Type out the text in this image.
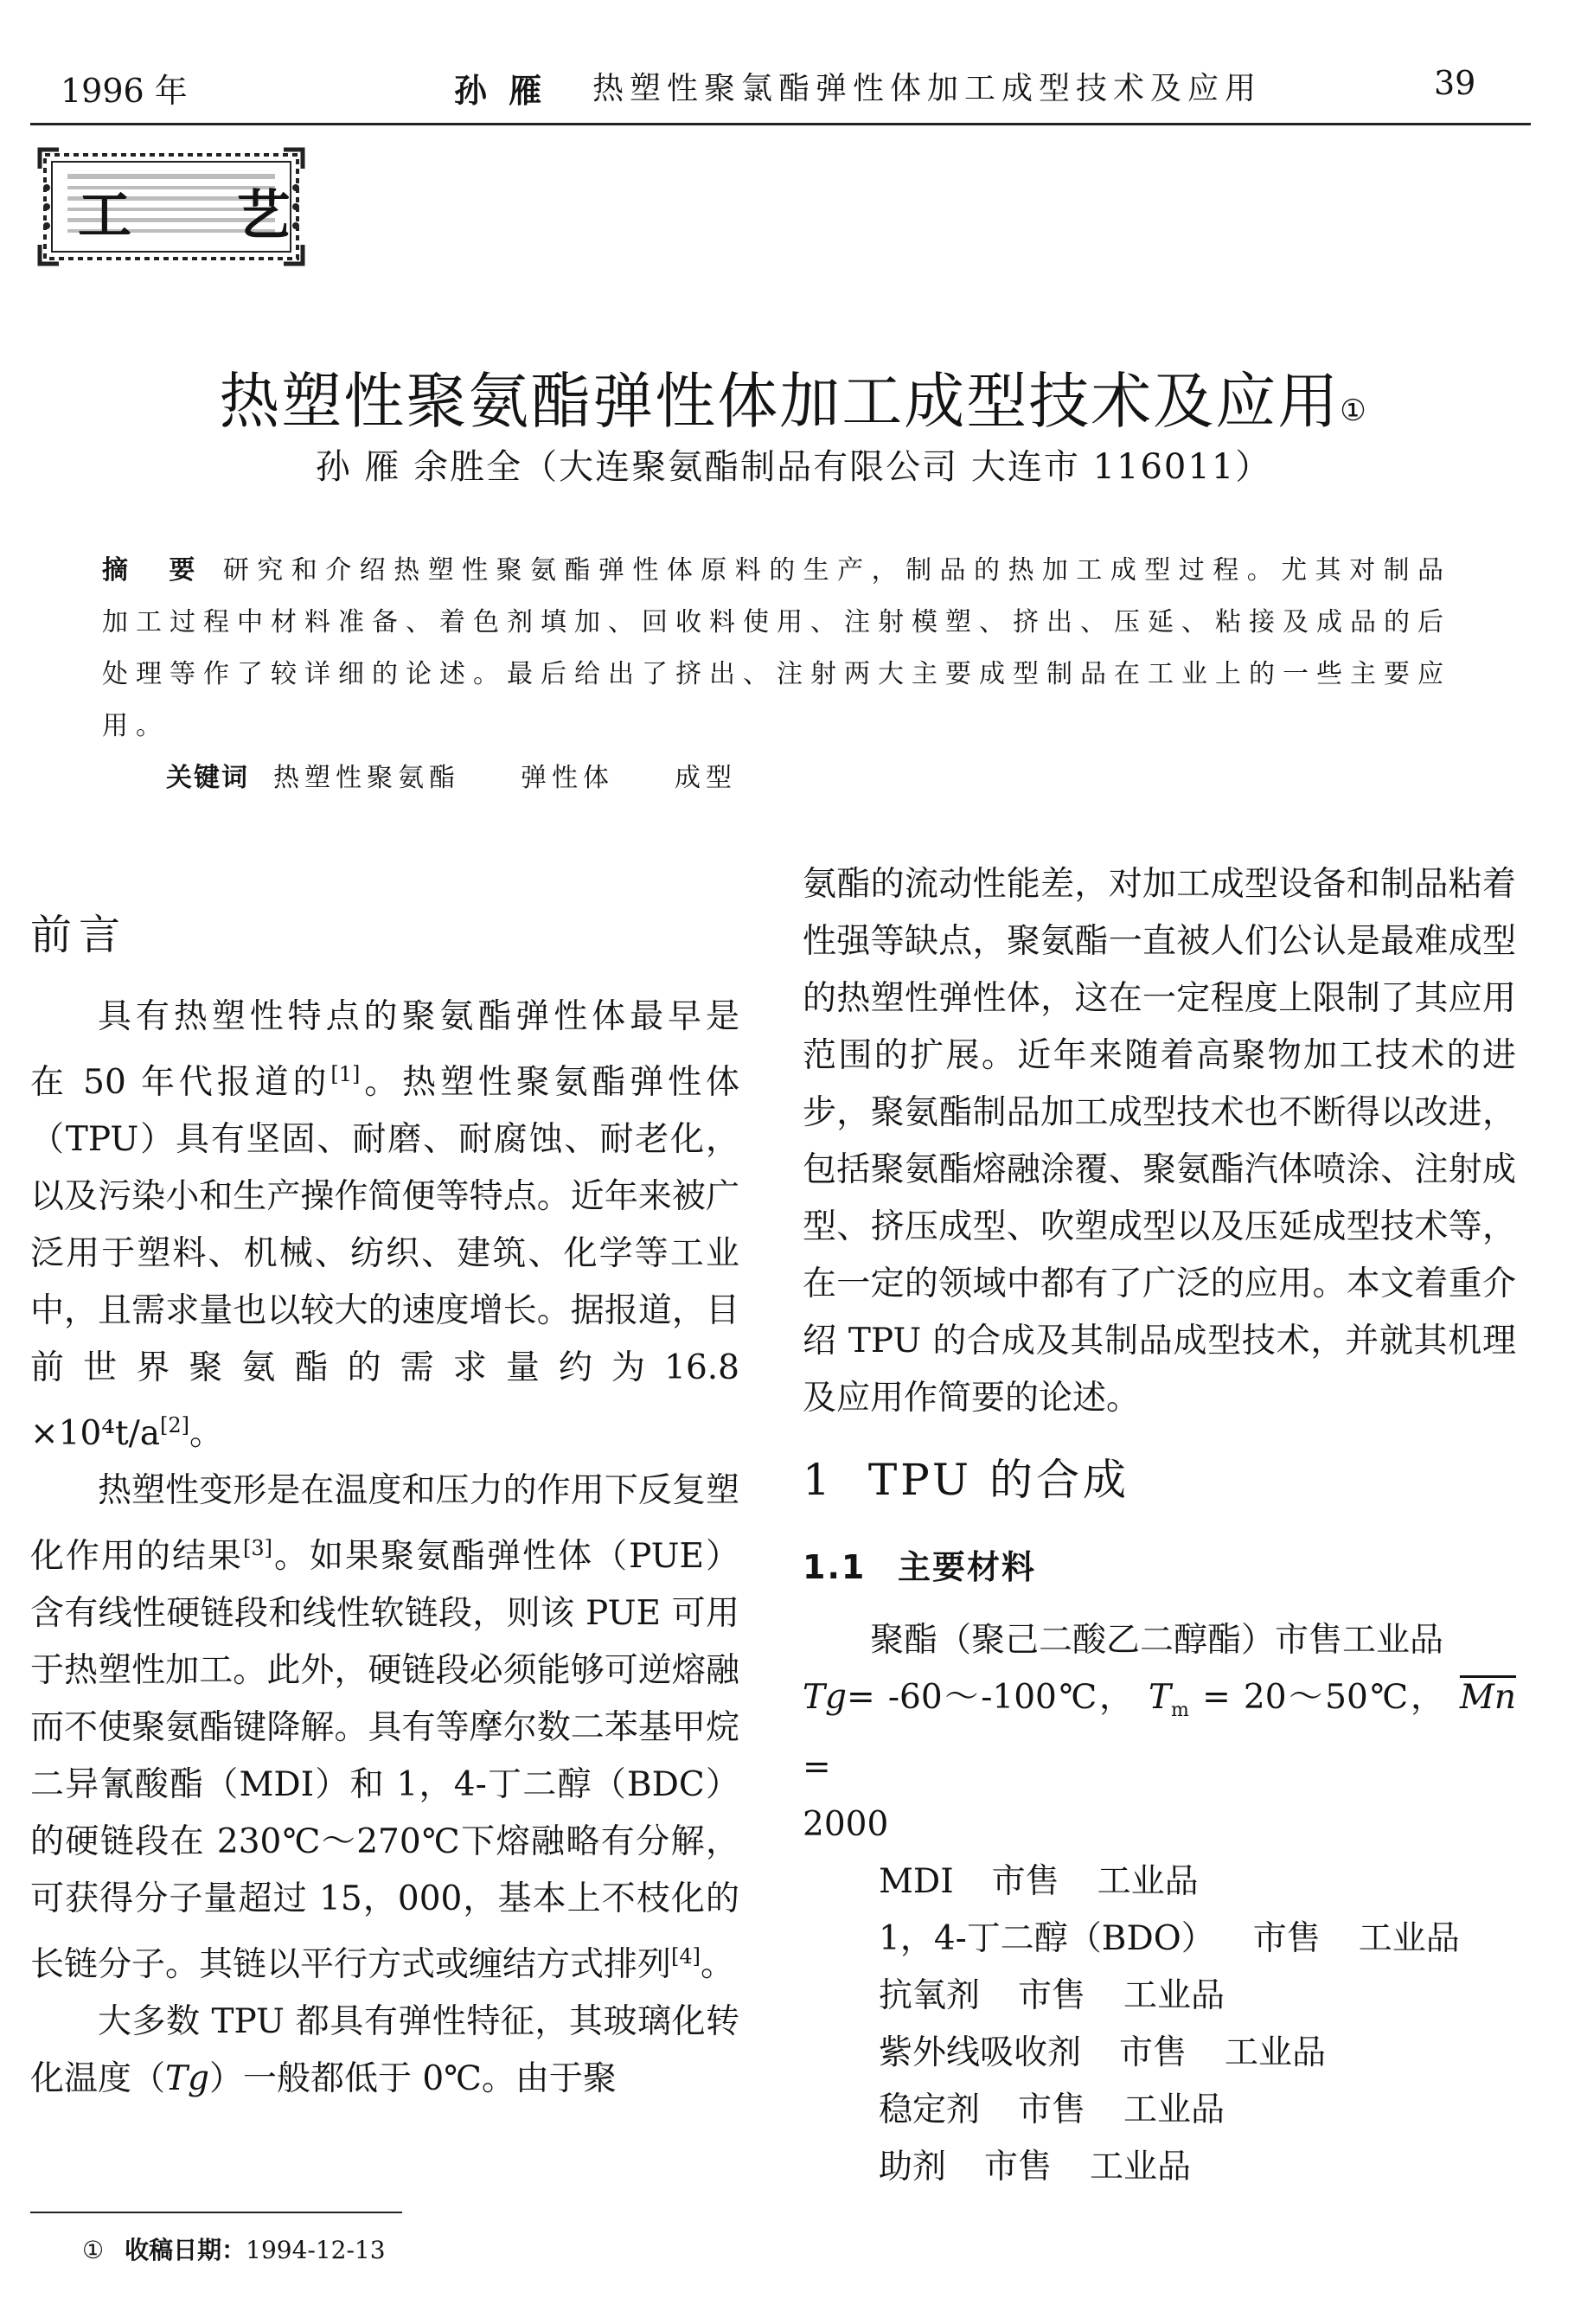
1996 年	孙 雁 热塑性聚氯酯弹性体加工成型技术及应用	39
工 艺
热塑性聚氨酯弹性体加工成型技术及应用①
孙 雁 余胜全（大连聚氨酯制品有限公司 大连市 116011）

摘 要 研究和介绍热塑性聚氨酯弹性体原料的生产，制品的热加工成型过程。尤其对制品加工过程中材料准备、着色剂填加、回收料使用、注射模塑、挤出、压延、粘接及成品的后处理等作了较详细的论述。最后给出了挤出、注射两大主要成型制品在工业上的一些主要应用。

关键词 热塑性聚氨酯 弹性体 成型
前言

具有热塑性特点的聚氨酯弹性体最早是

在 50 年代报道的[1]。热塑性聚氨酯弹性体

（TPU）具有坚固、耐磨、耐腐蚀、耐老化，以及污染小和生产操作简便等特点。近年来被广泛用于塑料、机械、纺织、建筑、化学等工业中，且需求量也以较大的速度增长。据报道，目前世界聚氨酯的需求量约为16.8

×10⁴t/a[2]。

热塑性变形是在温度和压力的作用下反复塑化作用的结果[3]。如果聚氨酯弹性体（PUE）含有线性硬链段和线性软链段，则该 PUE 可用于热塑性加工。此外，硬链段必须能够可逆熔融而不使聚氨酯键降解。具有等摩尔数二苯基甲烷二异氰酸酯（MDI）和 1，4-丁二醇（BDC）的硬链段在 230℃～270℃下熔融略有分解，可获得分子量超过 15，000，基本上不枝化的长链分子。其链以平行方式或缠结方式排列[4]。

大多数 TPU 都具有弹性特征，其玻璃化转化温度（Tg）一般都低于 0℃。由于聚

氨酯的流动性能差，对加工成型设备和制品粘着性强等缺点，聚氨酯一直被人们公认是最难成型的热塑性弹性体，这在一定程度上限制了其应用范围的扩展。近年来随着高聚物加工技术的进步，聚氨酯制品加工成型技术也不断得以改进，包括聚氨酯熔融涂覆、聚氨酯汽体喷涂、注射成型、挤压成型、吹塑成型以及压延成型技术等，在一定的领域中都有了广泛的应用。本文着重介绍 TPU 的合成及其制品成型技术，并就其机理及应用作简要的论述。

1 TPU 的合成

1.1 主要材料

聚酯（聚己二酸乙二醇酯）市售工业品

Tg= -60～-100℃， $T_m$ = 20～50℃， $\overline{Mn}$ =

2000

MDI 市售 工业品

1，4-丁二醇（BDO） 市售 工业品

抗氧剂 市售 工业品

紫外线吸收剂 市售 工业品

稳定剂 市售 工业品

助剂 市售 工业品

① 收稿日期：1994-12-13
